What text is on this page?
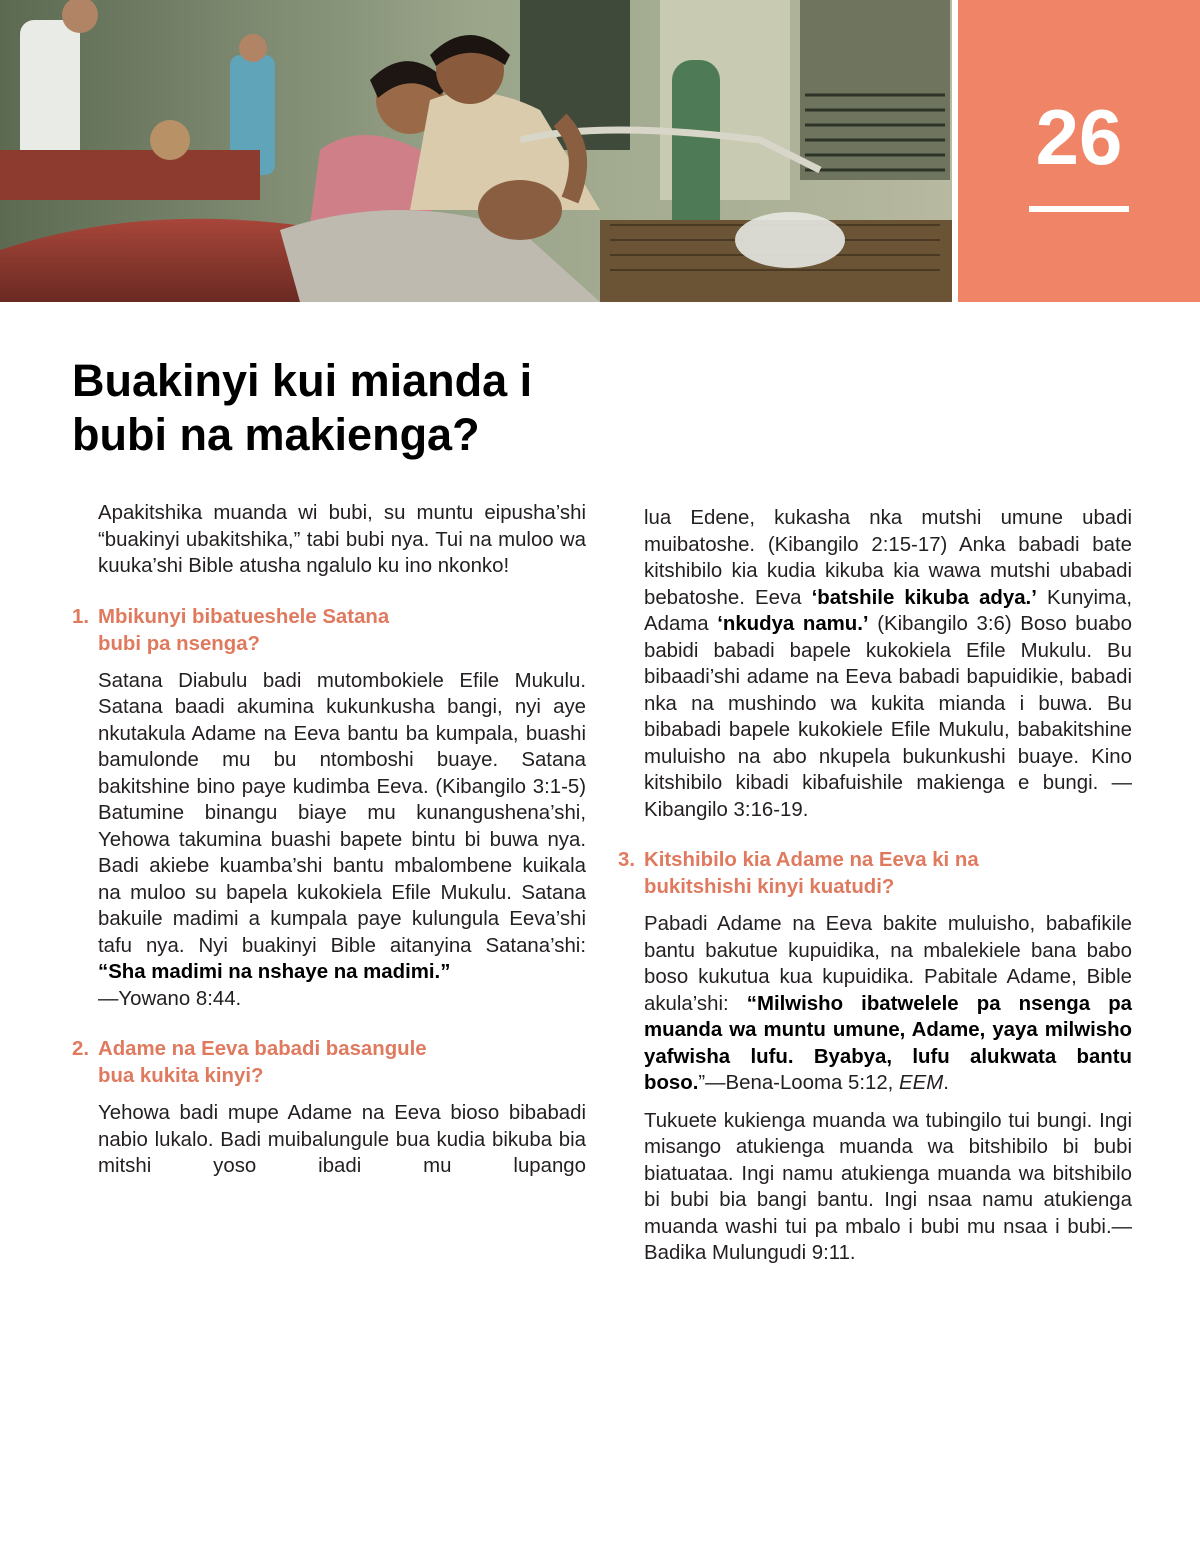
26
Buakinyi kui mianda i
bubi na makienga?

Apakitshika muanda wi bubi, su muntu eipusha’shi “buakinyi ubakitshika,” tabi bubi nya. Tui na muloo wa kuuka’shi Bible atusha ngalulo ku ino nkonko!

1. Mbikunyi bibatueshele Satana
bubi pa nsenga?

Satana Diabulu badi mutombokiele Efile Mukulu. Satana baadi akumina kukunkusha bangi, nyi aye nkutakula Adame na Eeva bantu ba kumpala, buashi bamulonde mu bu ntomboshi buaye. Satana bakitshine bino paye kudimba Eeva. (Kibangilo 3:1-5) Batumine binangu biaye mu kunangushena’shi, Yehowa takumina buashi bapete bintu bi buwa nya. Badi akiebe kuamba’shi bantu mbalombene kuikala na muloo su bapela kukokiela Efile Mukulu. Satana bakuile madimi a kumpala paye kulungula Eeva’shi tafu nya. Nyi buakinyi Bible aitanyina Satana’shi: “Sha madimi na nshaye na madimi.”
—Yowano 8:44.

2. Adame na Eeva babadi basangule
bua kukita kinyi?

Yehowa badi mupe Adame na Eeva bioso bibabadi nabio lukalo. Badi muibalungule bua kudia bikuba bia mitshi yoso ibadi mu lupango

lua Edene, kukasha nka mutshi umune ubadi muibatoshe. (Kibangilo 2:15-17) Anka babadi bate kitshibilo kia kudia kikuba kia wawa mutshi ubabadi bebatoshe. Eeva ‘batshile kikuba adya.’ Kunyima, Adama ‘nkudya namu.’ (Kibangilo 3:6) Boso buabo babidi babadi bapele kukokiela Efile Mukulu. Bu bibaadi’shi adame na Eeva babadi bapuidikie, babadi nka na mushindo wa kukita mianda i buwa. Bu bibabadi bapele kukokiele Efile Mukulu, babakitshine muluisho na abo nkupela bukunkushi buaye. Kino kitshibilo kibadi kibafuishile makienga e bungi. —Kibangilo 3:16-19.

3. Kitshibilo kia Adame na Eeva ki na
bukitshishi kinyi kuatudi?

Pabadi Adame na Eeva bakite muluisho, babafikile bantu bakutue kupuidika, na mbalekiele bana babo boso kukutua kua kupuidika. Pabitale Adame, Bible akula’shi: “Milwisho ibatwelele pa nsenga pa muanda wa muntu umune, Adame, yaya milwisho yafwisha lufu. Byabya, lufu alukwata bantu boso.”—Bena-Looma 5:12, EEM.

Tukuete kukienga muanda wa tubingilo tui bungi. Ingi misango atukienga muanda wa bitshibilo bi bubi biatuataa. Ingi namu atukienga muanda wa bitshibilo bi bubi bia bangi bantu. Ingi nsaa namu atukienga muanda washi tui pa mbalo i bubi mu nsaa i bubi.—Badika Mulungudi 9:11.
